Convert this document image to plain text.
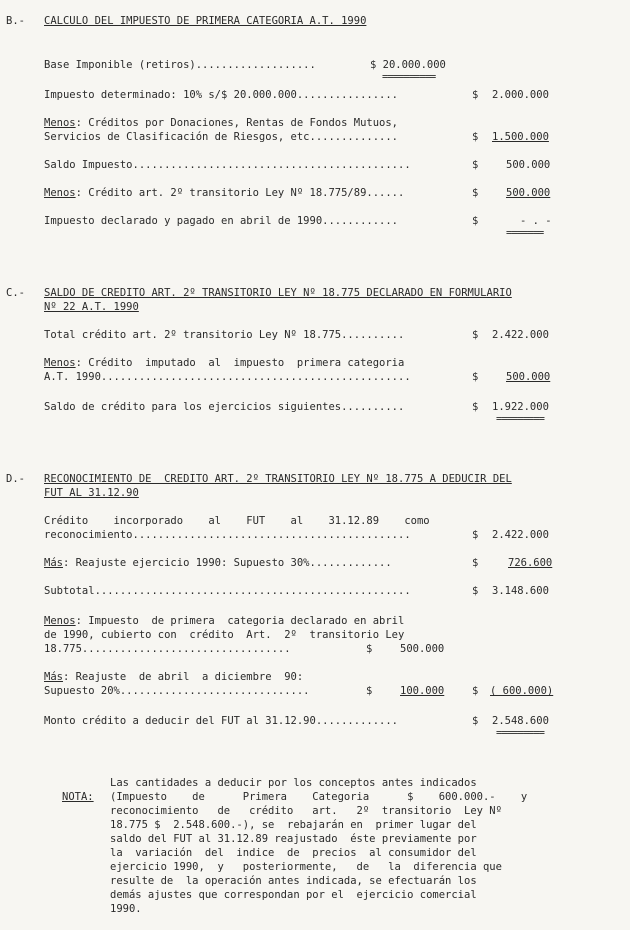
B.- CALCULO DEL IMPUESTO DE PRIMERA CATEGORIA A.T. 1990
Base Imponible (retiros)...................	$ 20.000.000
==========
Impuesto determinado: 10% s/$ 20.000.000................	$ 2.000.000
Menos: Créditos por Donaciones, Rentas de Fondos Mutuos,
Servicios de Clasificación de Riesgos, etc..............	$ 1.500.000
Saldo Impuesto............................................	$	500.000
Menos: Crédito art. 2º transitorio Ley Nº 18.775/89......	$	500.000
Impuesto declarado y pagado en abril de 1990............	$	- . -
=======
C.- SALDO DE CREDITO ART. 2º TRANSITORIO LEY Nº 18.775 DECLARADO EN FORMULARIO
Nº 22 A.T. 1990
Total crédito art. 2º transitorio Ley Nº 18.775..........	$ 2.422.000
Menos: Crédito  imputado  al  impuesto  primera categoria
A.T. 1990.................................................	$	500.000
Saldo de crédito para los ejercicios siguientes..........	$ 1.922.000
=========
D.- RECONOCIMIENTO DE  CREDITO ART. 2º TRANSITORIO LEY Nº 18.775 A DEDUCIR DEL
FUT AL 31.12.90
Crédito    incorporado    al    FUT    al    31.12.89    como
reconocimiento............................................	$ 2.422.000
Más: Reajuste ejercicio 1990: Supuesto 30%.............	$	726.600
Subtotal..................................................	$ 3.148.600
Menos: Impuesto  de primera  categoria declarado en abril
de 1990, cubierto con  crédito  Art.  2º  transitorio Ley
18.775.................................	$	500.000
Más: Reajuste  de abril  a diciembre  90:
Supuesto 20%..............................	$	100.000	$ ( 600.000)
Monto crédito a deducir del FUT al 31.12.90.............	$ 2.548.600
=========
NOTA:
Las cantidades a deducir por los conceptos antes indicados
(Impuesto    de      Primera    Categoria      $    600.000.-    y
reconocimiento   de   crédito   art.   2º  transitorio  Ley Nº
18.775 $  2.548.600.-), se  rebajarán en  primer lugar del
saldo del FUT al 31.12.89 reajustado  éste previamente por
la  variación  del  indice  de  precios  al consumidor del
ejercicio 1990,  y   posteriormente,   de   la  diferencia que
resulte de  la operación antes indicada, se efectuarán los
demás ajustes que correspondan por el  ejercicio comercial
1990.
